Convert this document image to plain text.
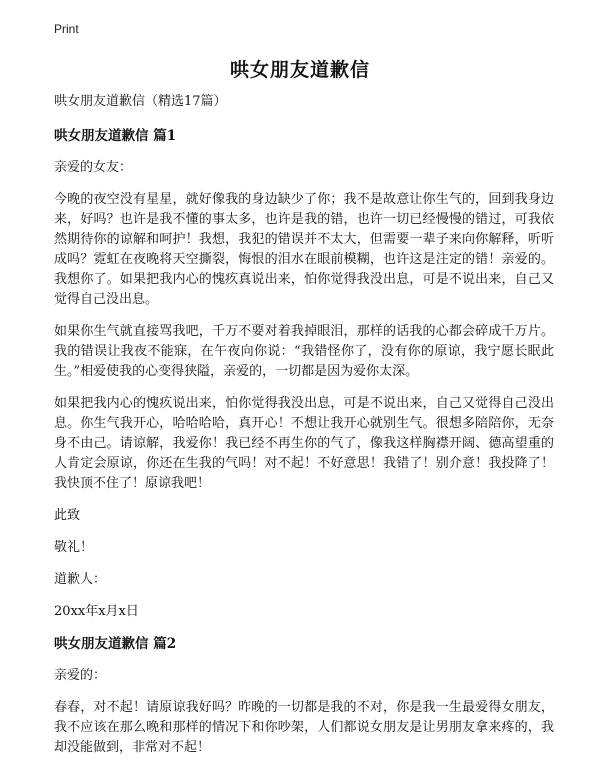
Print
哄女朋友道歉信

哄女朋友道歉信（精选17篇）

哄女朋友道歉信 篇1

亲爱的女友：

今晚的夜空没有星星，就好像我的身边缺少了你；我不是故意让你生气的，回到我身边来，好吗？也许是我不懂的事太多，也许是我的错，也许一切已经慢慢的错过，可我依然期待你的谅解和呵护！我想，我犯的错误并不太大，但需要一辈子来向你解释，听听成吗？霓虹在夜晚将天空撕裂，悔恨的泪水在眼前模糊，也许这是注定的错！亲爱的。我想你了。如果把我内心的愧疚真说出来，怕你觉得我没出息，可是不说出来，自己又觉得自己没出息。

如果你生气就直接骂我吧，千万不要对着我掉眼泪，那样的话我的心都会碎成千万片。我的错误让我夜不能寐，在午夜向你说：“我错怪你了，没有你的原谅，我宁愿长眠此生。”相爱使我的心变得狭隘，亲爱的，一切都是因为爱你太深。

如果把我内心的愧疚说出来，怕你觉得我没出息，可是不说出来，自己又觉得自己没出息。你生气我开心，哈哈哈哈，真开心！不想让我开心就别生气。很想多陪陪你，无奈身不由己。请谅解，我爱你！我已经不再生你的气了，像我这样胸襟开阔、德高望重的人肯定会原谅，你还在生我的气吗！对不起！不好意思！我错了！别介意！我投降了！我快顶不住了！原谅我吧！

此致

敬礼！

道歉人：

20xx年x月x日

哄女朋友道歉信 篇2

亲爱的：

春春，对不起！请原谅我好吗？昨晚的一切都是我的不对，你是我一生最爱得女朋友，我不应该在那么晚和那样的情况下和你吵架，人们都说女朋友是让男朋友拿来疼的，我却没能做到，非常对不起！
